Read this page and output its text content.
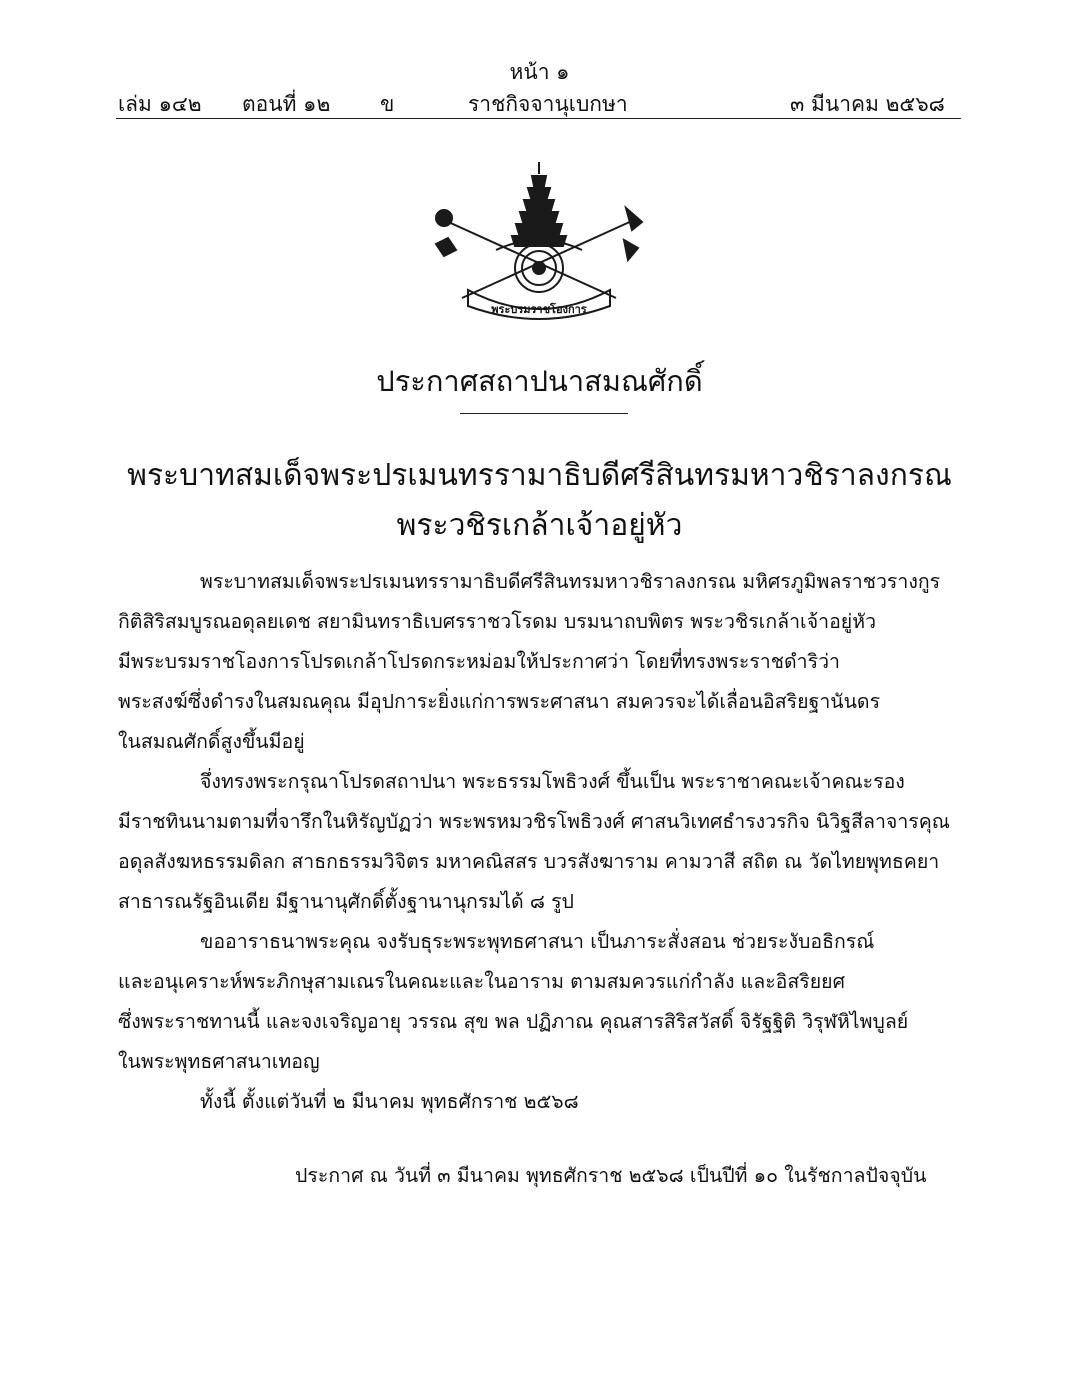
หน้า ๑
เล่ม ๑๔๒ ตอนที่ ๑๒ ข	ราชกิจจานุเบกษา	๓ มีนาคม ๒๕๖๘
พระบรมราชโองการ
ประกาศสถาปนาสมณศักดิ์
พระบาทสมเด็จพระปรเมนทรรามาธิบดีศรีสินทรมหาวชิราลงกรณ
พระวชิรเกล้าเจ้าอยู่หัว
พระบาทสมเด็จพระปรเมนทรรามาธิบดีศรีสินทรมหาวชิราลงกรณ มหิศรภูมิพลราชวรางกูร
กิติสิริสมบูรณอดุลยเดช สยามินทราธิเบศรราชวโรดม บรมนาถบพิตร พระวชิรเกล้าเจ้าอยู่หัว
มีพระบรมราชโองการโปรดเกล้าโปรดกระหม่อมให้ประกาศว่า โดยที่ทรงพระราชดำริว่า
พระสงฆ์ซึ่งดำรงในสมณคุณ มีอุปการะยิ่งแก่การพระศาสนา สมควรจะได้เลื่อนอิสริยฐานันดร
ในสมณศักดิ์สูงขึ้นมีอยู่
จึ่งทรงพระกรุณาโปรดสถาปนา พระธรรมโพธิวงศ์ ขึ้นเป็น พระราชาคณะเจ้าคณะรอง
มีราชทินนามตามที่จารึกในหิรัญบัฏว่า พระพรหมวชิรโพธิวงศ์ ศาสนวิเทศธำรงวรกิจ นิวิฐสีลาจารคุณ
อดุลสังฆหธรรมดิลก สาธกธรรมวิจิตร มหาคณิสสร บวรสังฆาราม คามวาสี สถิต ณ วัดไทยพุทธคยา
สาธารณรัฐอินเดีย มีฐานานุศักดิ์ตั้งฐานานุกรมได้ ๘ รูป
ขออาราธนาพระคุณ จงรับธุระพระพุทธศาสนา เป็นภาระสั่งสอน ช่วยระงับอธิกรณ์
และอนุเคราะห์พระภิกษุสามเณรในคณะและในอาราม ตามสมควรแก่กำลัง และอิสริยยศ
ซึ่งพระราชทานนี้ และจงเจริญอายุ วรรณ สุข พล ปฏิภาณ คุณสารสิริสวัสดิ์ จิรัฐฐิติ วิรุฬหิไพบูลย์
ในพระพุทธศาสนาเทอญ
ทั้งนี้ ตั้งแต่วันที่ ๒ มีนาคม พุทธศักราช ๒๕๖๘
ประกาศ ณ วันที่ ๓ มีนาคม พุทธศักราช ๒๕๖๘ เป็นปีที่ ๑๐ ในรัชกาลปัจจุบัน
